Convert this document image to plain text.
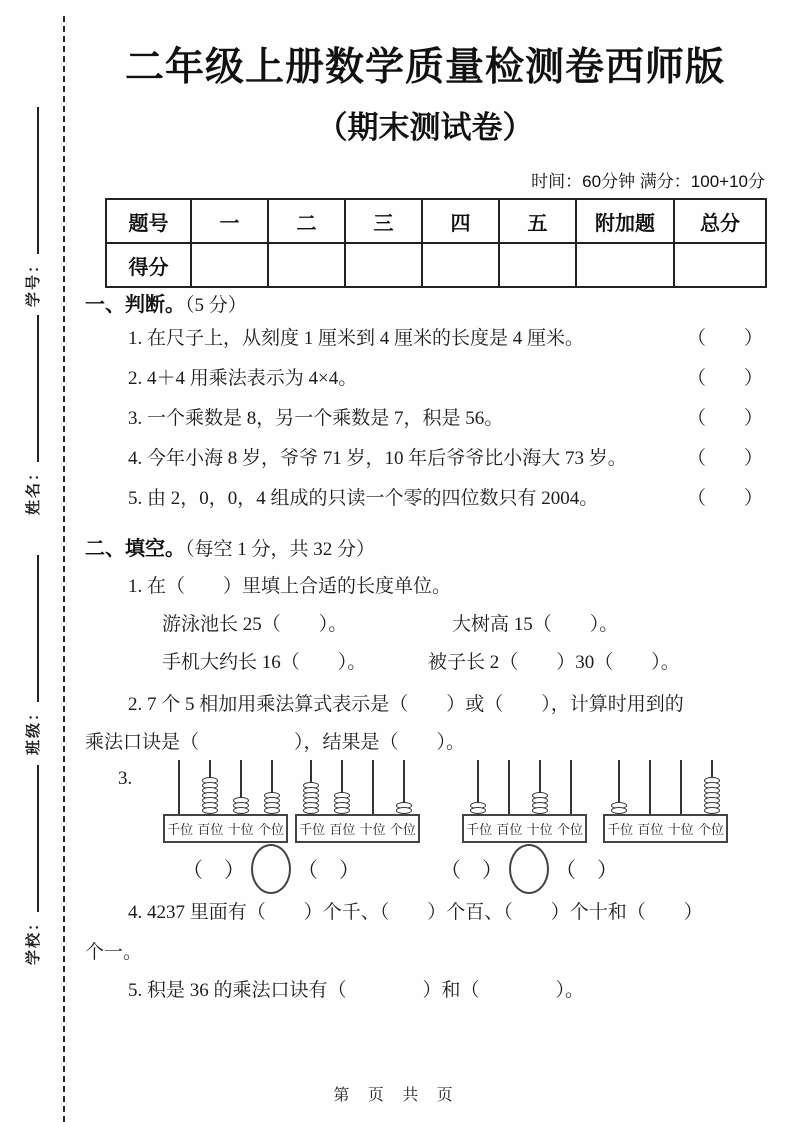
学号：
姓名：
班级：
学校：
二年级上册数学质量检测卷西师版
（期末测试卷）
时间：60分钟 满分：100+10分
题号	一	二	三	四	五	附加题	总分
得分							
一、判断。（5 分）
1. 在尺子上，从刻度 1 厘米到 4 厘米的长度是 4 厘米。	（　　）
2. 4＋4 用乘法表示为 4×4。	（　　）
3. 一个乘数是 8，另一个乘数是 7，积是 56。	（　　）
4. 今年小海 8 岁，爷爷 71 岁，10 年后爷爷比小海大 73 岁。	（　　）
5. 由 2，0，0，4 组成的只读一个零的四位数只有 2004。	（　　）
二、填空。（每空 1 分，共 32 分）
1. 在（　　）里填上合适的长度单位。
游泳池长 25（　　）。	大树高 15（　　）。
手机大约长 16（　　）。	被子长 2（　　）30（　　）。
2. 7 个 5 相加用乘法算式表示是（　　）或（　　），计算时用到的
乘法口诀是（　　　　　），结果是（　　）。
3.
千位 百位 十位 个位 千位 百位 十位 个位	千位 百位 十位 个位 千位 百位 十位 个位
（　） （　）	（　） （　）
4. 4237 里面有（　　）个千、（　　）个百、（　　）个十和（　　）
个一。
5. 积是 36 的乘法口诀有（　　　　）和（　　　　）。
第 页 共 页
